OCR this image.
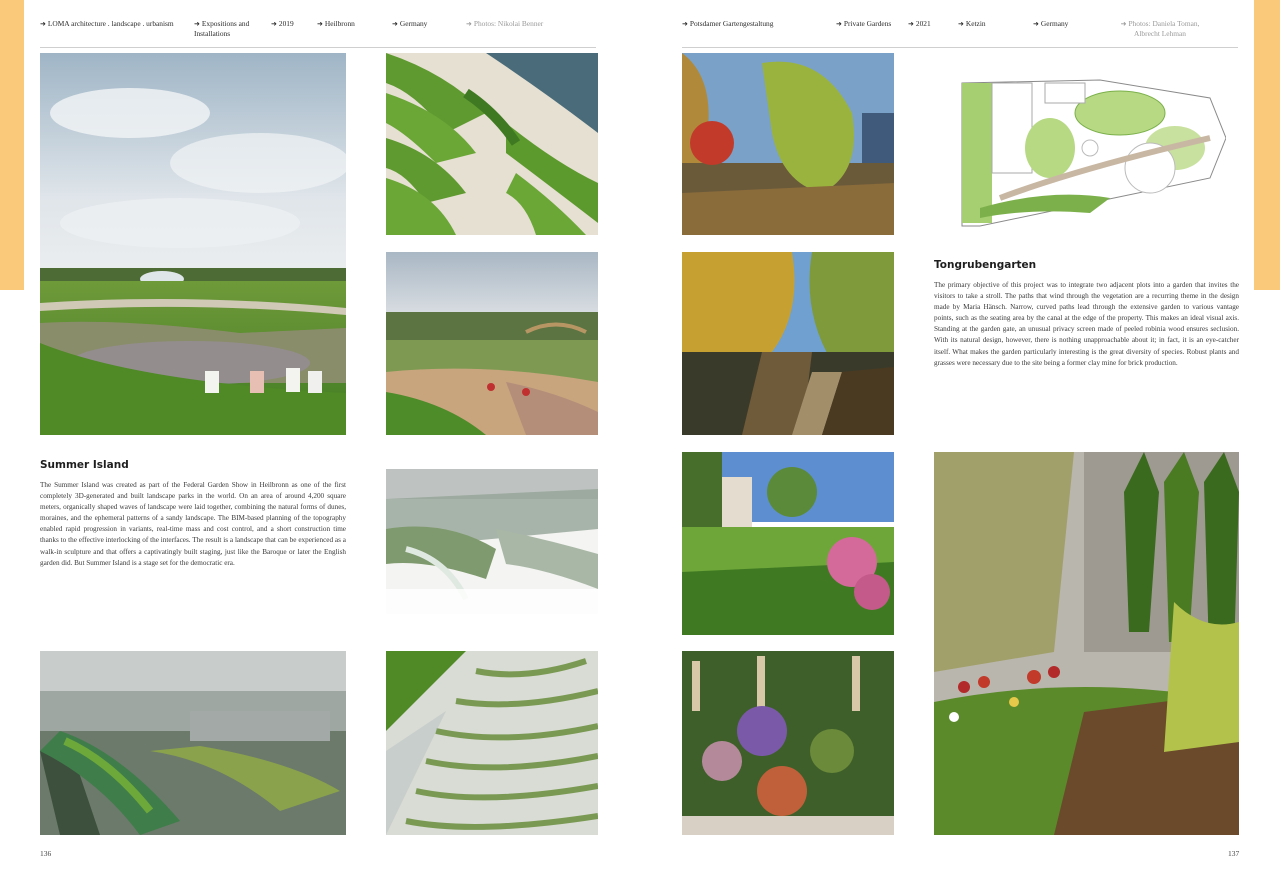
➜ LOMA architecture . landscape . urbanism	➜ Expositions and Installations
➜ 2019	➜ Heilbronn	➜ Germany	➜ Photos: Nikolai Benner	➜ Potsdamer Gartengestaltung	➜ Private Gardens	➜ 2021	➜ Ketzin	➜ Germany	➜ Photos: Daniela Toman, Albrecht Lehman
Summer Island
The Summer Island was created as part of the Federal Garden Show in Heilbronn as one of the first completely 3D-generated and built landscape parks in the world. On an area of around 4,200 square meters, organically shaped waves of landscape were laid together, combining the natural forms of dunes, moraines, and the ephemeral patterns of a sandy landscape. The BIM-based planning of the topography enabled rapid progression in variants, real-time mass and cost control, and a short construction time thanks to the effective interlocking of the interfaces. The result is a landscape that can be experienced as a walk-in sculpture and that offers a captivatingly built staging, just like the Baroque or later the English garden did. But Summer Island is a stage set for the democratic era.
136
Tongrubengarten
The primary objective of this project was to integrate two adjacent plots into a garden that invites the visitors to take a stroll. The paths that wind through the vegetation are a recurring theme in the design made by Maria Hänsch. Narrow, curved paths lead through the extensive garden to various vantage points, such as the seating area by the canal at the edge of the property. This makes an ideal visual axis. Standing at the garden gate, an unusual privacy screen made of peeled robinia wood ensures seclusion. With its natural design, however, there is nothing unapproachable about it; in fact, it is an eye-catcher itself. What makes the garden particularly interesting is the great diversity of species. Robust plants and grasses were necessary due to the site being a former clay mine for brick production.
137
